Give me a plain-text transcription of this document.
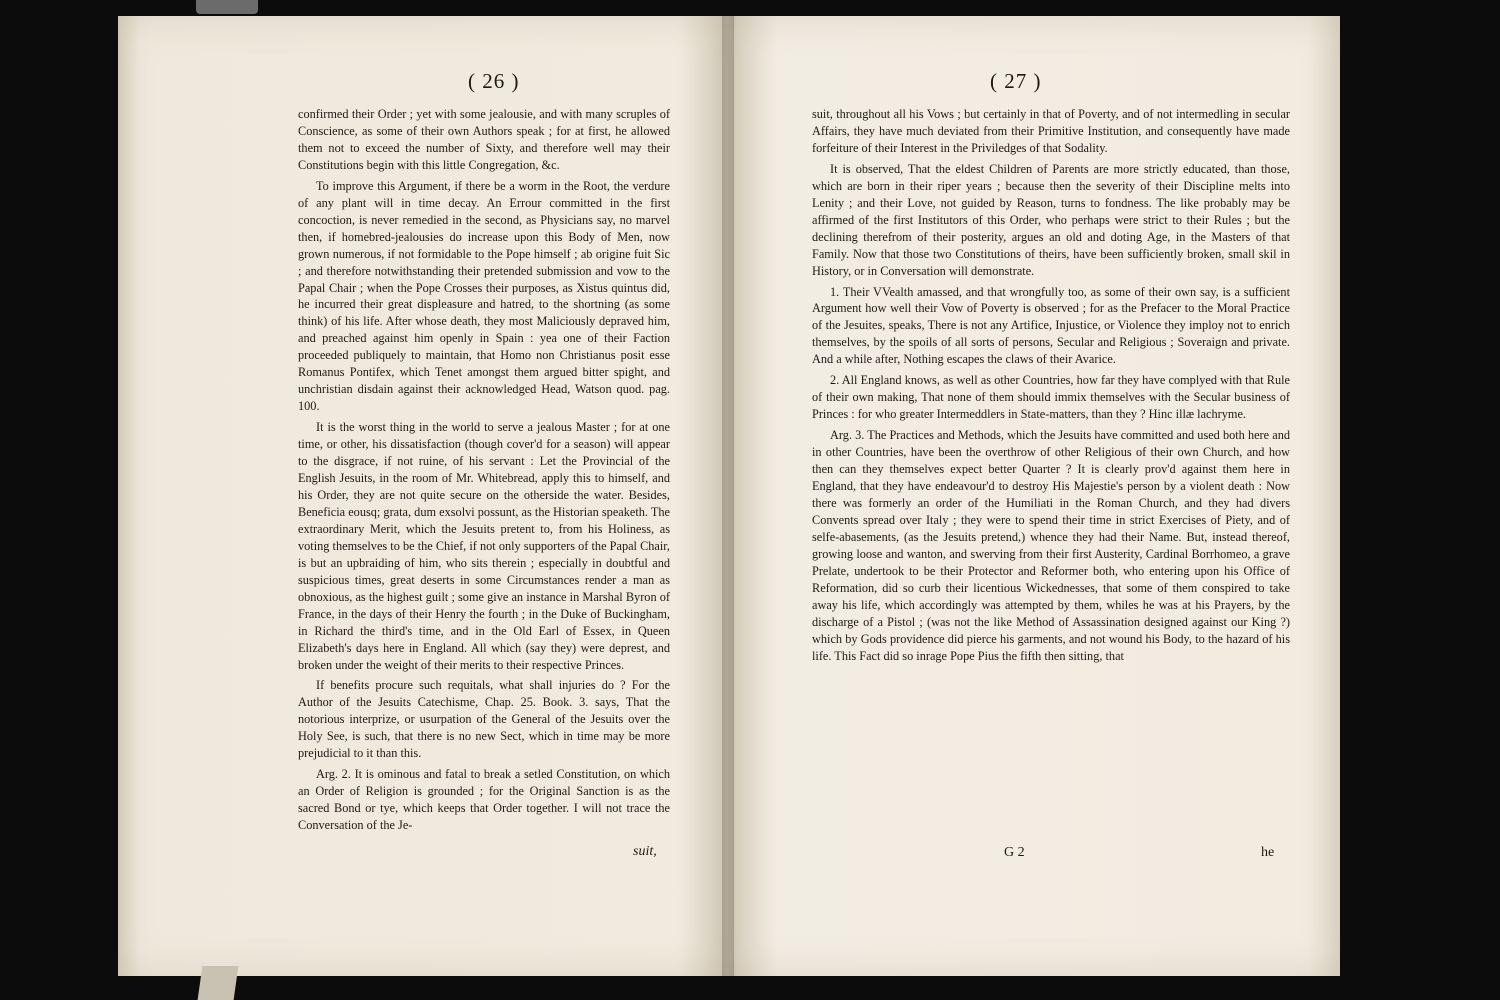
( 26 )

confirmed their Order ; yet with some jealousie, and with many scruples of Conscience, as some of their own Authors speak ; for at first, he allowed them not to exceed the number of Sixty, and therefore well may their Constitutions begin with this little Congregation, &c.

To improve this Argument, if there be a worm in the Root, the verdure of any plant will in time decay. An Errour committed in the first concoction, is never remedied in the second, as Physicians say, no marvel then, if homebred-jealousies do increase upon this Body of Men, now grown numerous, if not formidable to the Pope himself ; ab origine fuit Sic ; and therefore notwithstanding their pretended submission and vow to the Papal Chair ; when the Pope Crosses their purposes, as Xistus quintus did, he incurred their great displeasure and hatred, to the shortning (as some think) of his life. After whose death, they most Maliciously depraved him, and preached against him openly in Spain : yea one of their Faction proceeded publiquely to maintain, that Homo non Christianus posit esse Romanus Pontifex, which Tenet amongst them argued bitter spight, and unchristian disdain against their acknowledged Head, Watson quod. pag. 100.

It is the worst thing in the world to serve a jealous Master ; for at one time, or other, his dissatisfaction (though cover'd for a season) will appear to the disgrace, if not ruine, of his servant : Let the Provincial of the English Jesuits, in the room of Mr. Whitebread, apply this to himself, and his Order, they are not quite secure on the otherside the water. Besides, Beneficia eousq; grata, dum exsolvi possunt, as the Historian speaketh. The extraordinary Merit, which the Jesuits pretent to, from his Holiness, as voting themselves to be the Chief, if not only supporters of the Papal Chair, is but an upbraiding of him, who sits therein ; especially in doubtful and suspicious times, great deserts in some Circumstances render a man as obnoxious, as the highest guilt ; some give an instance in Marshal Byron of France, in the days of their Henry the fourth ; in the Duke of Buckingham, in Richard the third's time, and in the Old Earl of Essex, in Queen Elizabeth's days here in England. All which (say they) were deprest, and broken under the weight of their merits to their respective Princes.

If benefits procure such requitals, what shall injuries do ? For the Author of the Jesuits Catechisme, Chap. 25. Book. 3. says, That the notorious interprize, or usurpation of the General of the Jesuits over the Holy See, is such, that there is no new Sect, which in time may be more prejudicial to it than this.

Arg. 2. It is ominous and fatal to break a setled Constitution, on which an Order of Religion is grounded ; for the Original Sanction is as the sacred Bond or tye, which keeps that Order together. I will not trace the Conversation of the Je-

suit,
( 27 )

suit, throughout all his Vows ; but certainly in that of Poverty, and of not intermedling in secular Affairs, they have much deviated from their Primitive Institution, and consequently have made forfeiture of their Interest in the Priviledges of that Sodality.

It is observed, That the eldest Children of Parents are more strictly educated, than those, which are born in their riper years ; because then the severity of their Discipline melts into Lenity ; and their Love, not guided by Reason, turns to fondness. The like probably may be affirmed of the first Institutors of this Order, who perhaps were strict to their Rules ; but the declining therefrom of their posterity, argues an old and doting Age, in the Masters of that Family. Now that those two Constitutions of theirs, have been sufficiently broken, small skil in History, or in Conversation will demonstrate.

1. Their VVealth amassed, and that wrongfully too, as some of their own say, is a sufficient Argument how well their Vow of Poverty is observed ; for as the Prefacer to the Moral Practice of the Jesuites, speaks, There is not any Artifice, Injustice, or Violence they imploy not to enrich themselves, by the spoils of all sorts of persons, Secular and Religious ; Soveraign and private. And a while after, Nothing escapes the claws of their Avarice.

2. All England knows, as well as other Countries, how far they have complyed with that Rule of their own making, That none of them should immix themselves with the Secular business of Princes : for who greater Intermeddlers in State-matters, than they ? Hinc illæ lachryme.

Arg. 3. The Practices and Methods, which the Jesuits have committed and used both here and in other Countries, have been the overthrow of other Religious of their own Church, and how then can they themselves expect better Quarter ? It is clearly prov'd against them here in England, that they have endeavour'd to destroy His Majestie's person by a violent death : Now there was formerly an order of the Humiliati in the Roman Church, and they had divers Convents spread over Italy ; they were to spend their time in strict Exercises of Piety, and of selfe-abasements, (as the Jesuits pretend,) whence they had their Name. But, instead thereof, growing loose and wanton, and swerving from their first Austerity, Cardinal Borrhomeo, a grave Prelate, undertook to be their Protector and Reformer both, who entering upon his Office of Reformation, did so curb their licentious Wickednesses, that some of them conspired to take away his life, which accordingly was attempted by them, whiles he was at his Prayers, by the discharge of a Pistol ; (was not the like Method of Assassination designed against our King ?) which by Gods providence did pierce his garments, and not wound his Body, to the hazard of his life. This Fact did so inrage Pope Pius the fifth then sitting, that

G 2	he
